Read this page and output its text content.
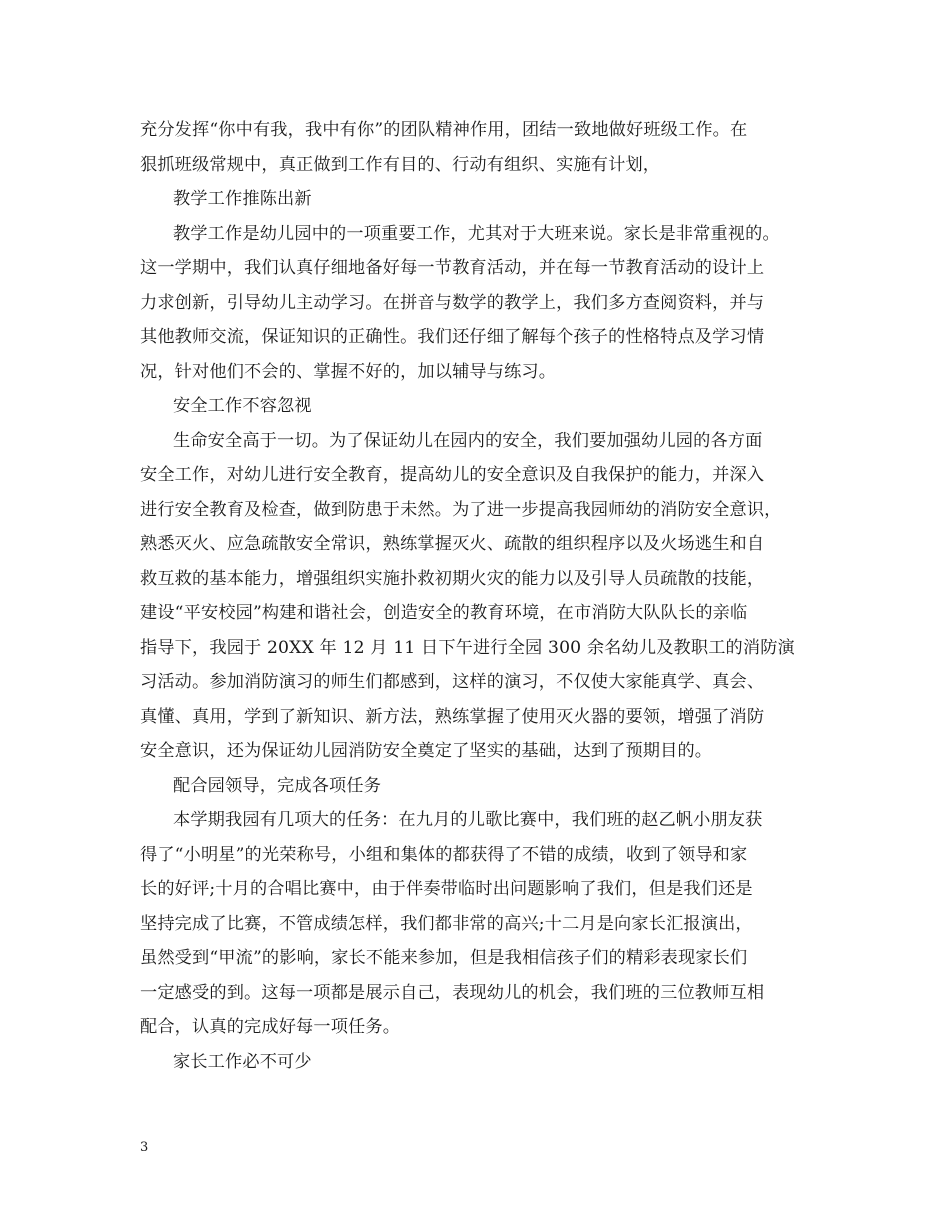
充分发挥“你中有我，我中有你”的团队精神作用，团结一致地做好班级工作。在
狠抓班级常规中，真正做到工作有目的、行动有组织、实施有计划，
教学工作推陈出新
教学工作是幼儿园中的一项重要工作，尤其对于大班来说。家长是非常重视的。
这一学期中，我们认真仔细地备好每一节教育活动，并在每一节教育活动的设计上
力求创新，引导幼儿主动学习。在拼音与数学的教学上，我们多方查阅资料，并与
其他教师交流，保证知识的正确性。我们还仔细了解每个孩子的性格特点及学习情
况，针对他们不会的、掌握不好的，加以辅导与练习。
安全工作不容忽视
生命安全高于一切。为了保证幼儿在园内的安全，我们要加强幼儿园的各方面
安全工作，对幼儿进行安全教育，提高幼儿的安全意识及自我保护的能力，并深入
进行安全教育及检查，做到防患于未然。为了进一步提高我园师幼的消防安全意识，
熟悉灭火、应急疏散安全常识，熟练掌握灭火、疏散的组织程序以及火场逃生和自
救互救的基本能力，增强组织实施扑救初期火灾的能力以及引导人员疏散的技能，
建设“平安校园”构建和谐社会，创造安全的教育环境，在市消防大队队长的亲临
指导下，我园于 20XX 年 12 月 11 日下午进行全园 300 余名幼儿及教职工的消防演
习活动。参加消防演习的师生们都感到，这样的演习，不仅使大家能真学、真会、
真懂、真用，学到了新知识、新方法，熟练掌握了使用灭火器的要领，增强了消防
安全意识，还为保证幼儿园消防安全奠定了坚实的基础，达到了预期目的。
配合园领导，完成各项任务
本学期我园有几项大的任务：在九月的儿歌比赛中，我们班的赵乙帆小朋友获
得了“小明星”的光荣称号，小组和集体的都获得了不错的成绩，收到了领导和家
长的好评;十月的合唱比赛中，由于伴奏带临时出问题影响了我们，但是我们还是
坚持完成了比赛，不管成绩怎样，我们都非常的高兴;十二月是向家长汇报演出，
虽然受到“甲流”的影响，家长不能来参加，但是我相信孩子们的精彩表现家长们
一定感受的到。这每一项都是展示自己，表现幼儿的机会，我们班的三位教师互相
配合，认真的完成好每一项任务。
家长工作必不可少
3
